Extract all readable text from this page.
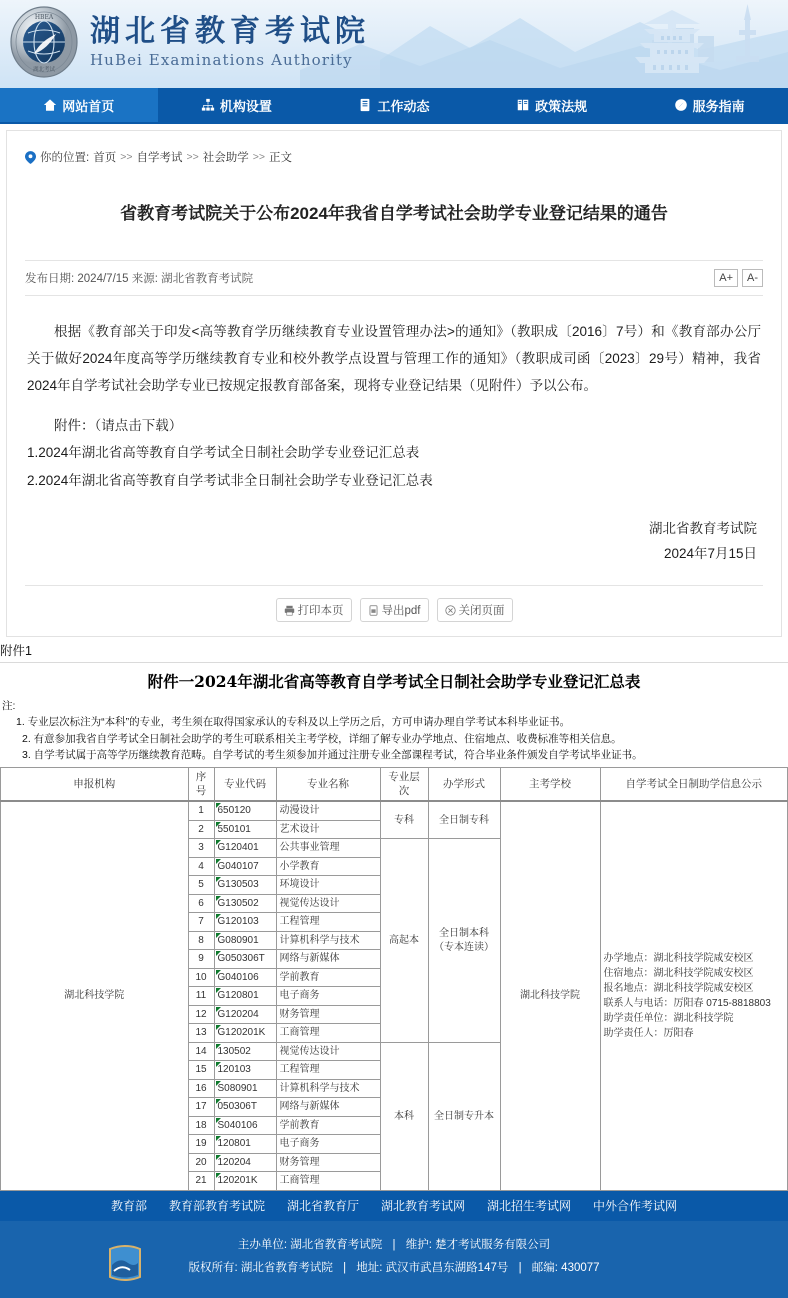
HBEA
湖北考试
湖北省教育考试院
HuBei Examinations Authority
网站首页	机构设置	工作动态	政策法规	服务指南
你的位置: 首页 >> 自学考试 >> 社会助学 >> 正文
省教育考试院关于公布2024年我省自学考试社会助学专业登记结果的通告
发布日期: 2024/7/15 来源: 湖北省教育考试院	A+	A-

根据《教育部关于印发<高等教育学历继续教育专业设置管理办法>的通知》（教职成〔2016〕7号）和《教育部办公厅关于做好2024年度高等学历继续教育专业和校外教学点设置与管理工作的通知》（教职成司函〔2023〕29号）精神，我省2024年自学考试社会助学专业已按规定报教育部备案，现将专业登记结果（见附件）予以公布。

附件：（请点击下载）

1.2024年湖北省高等教育自学考试全日制社会助学专业登记汇总表

2.2024年湖北省高等教育自学考试非全日制社会助学专业登记汇总表

湖北省教育考试院
2024年7月15日
打印本页	导出pdf	关闭页面
附件1
附件一2024年湖北省高等教育自学考试全日制社会助学专业登记汇总表
注:
1. 专业层次标注为“本科”的专业，考生须在取得国家承认的专科及以上学历之后，方可申请办理自学考试本科毕业证书。
2. 有意参加我省自学考试全日制社会助学的考生可联系相关主考学校，详细了解专业办学地点、住宿地点、收费标准等相关信息。
3. 自学考试属于高等学历继续教育范畴。自学考试的考生须参加并通过注册专业全部课程考试，符合毕业条件颁发自学考试毕业证书。
申报机构	序号	专业代码	专业名称	专业层次	办学形式	主考学校	自学考试全日制助学信息公示
湖北科技学院	1	650120	动漫设计	专科	全日制专科	湖北科技学院	
办学地点：湖北科技学院咸安校区
住宿地点：湖北科技学院咸安校区
报名地点：湖北科技学院咸安校区
联系人与电话：厉阳春 0715-8818803
助学责任单位：湖北科技学院
助学责任人：厉阳春

	2	550101	艺术设计				
	3	G120401	公共事业管理	高起本	全日制本科
（专本连读）		
	4	G040107	小学教育				
	5	G130503	环境设计				
	6	G130502	视觉传达设计				
	7	G120103	工程管理				
	8	G080901	计算机科学与技术				
	9	G050306T	网络与新媒体				
	10	G040106	学前教育				
	11	G120801	电子商务				
	12	G120204	财务管理				
	13	G120201K	工商管理				
	14	130502	视觉传达设计	本科	全日制专升本		
	15	120103	工程管理				
	16	S080901	计算机科学与技术				
	17	050306T	网络与新媒体				
	18	S040106	学前教育				
	19	120801	电子商务				
	20	120204	财务管理				
	21	120201K	工商管理				
教育部 教育部教育考试院 湖北省教育厅 湖北教育考试网 湖北招生考试网 中外合作考试网
主办单位: 湖北省教育考试院 | 维护: 楚才考试服务有限公司
版权所有: 湖北省教育考试院 | 地址: 武汉市武昌东湖路147号 | 邮编: 430077
